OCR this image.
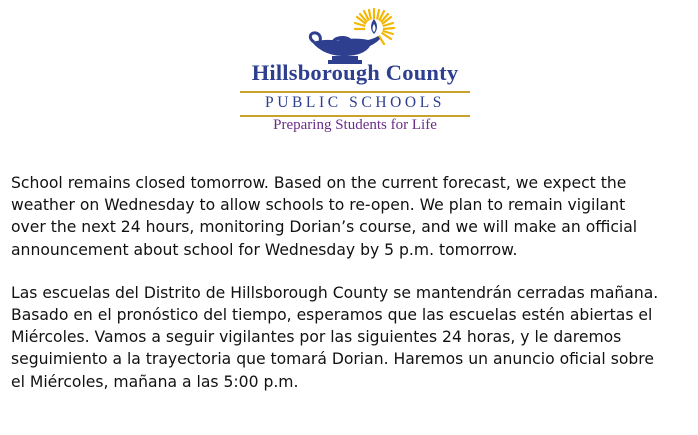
Hillsborough County
PUBLIC SCHOOLS
Preparing Students for Life

School remains closed tomorrow. Based on the current forecast, we expect the
weather on Wednesday to allow schools to re-open. We plan to remain vigilant
over the next 24 hours, monitoring Dorian’s course, and we will make an official
announcement about school for Wednesday by 5 p.m. tomorrow.

Las escuelas del Distrito de Hillsborough County se mantendrán cerradas mañana.
Basado en el pronóstico del tiempo, esperamos que las escuelas estén abiertas el
Miércoles. Vamos a seguir vigilantes por las siguientes 24 horas, y le daremos
seguimiento a la trayectoria que tomará Dorian. Haremos un anuncio oficial sobre
el Miércoles, mañana a las 5:00 p.m.
